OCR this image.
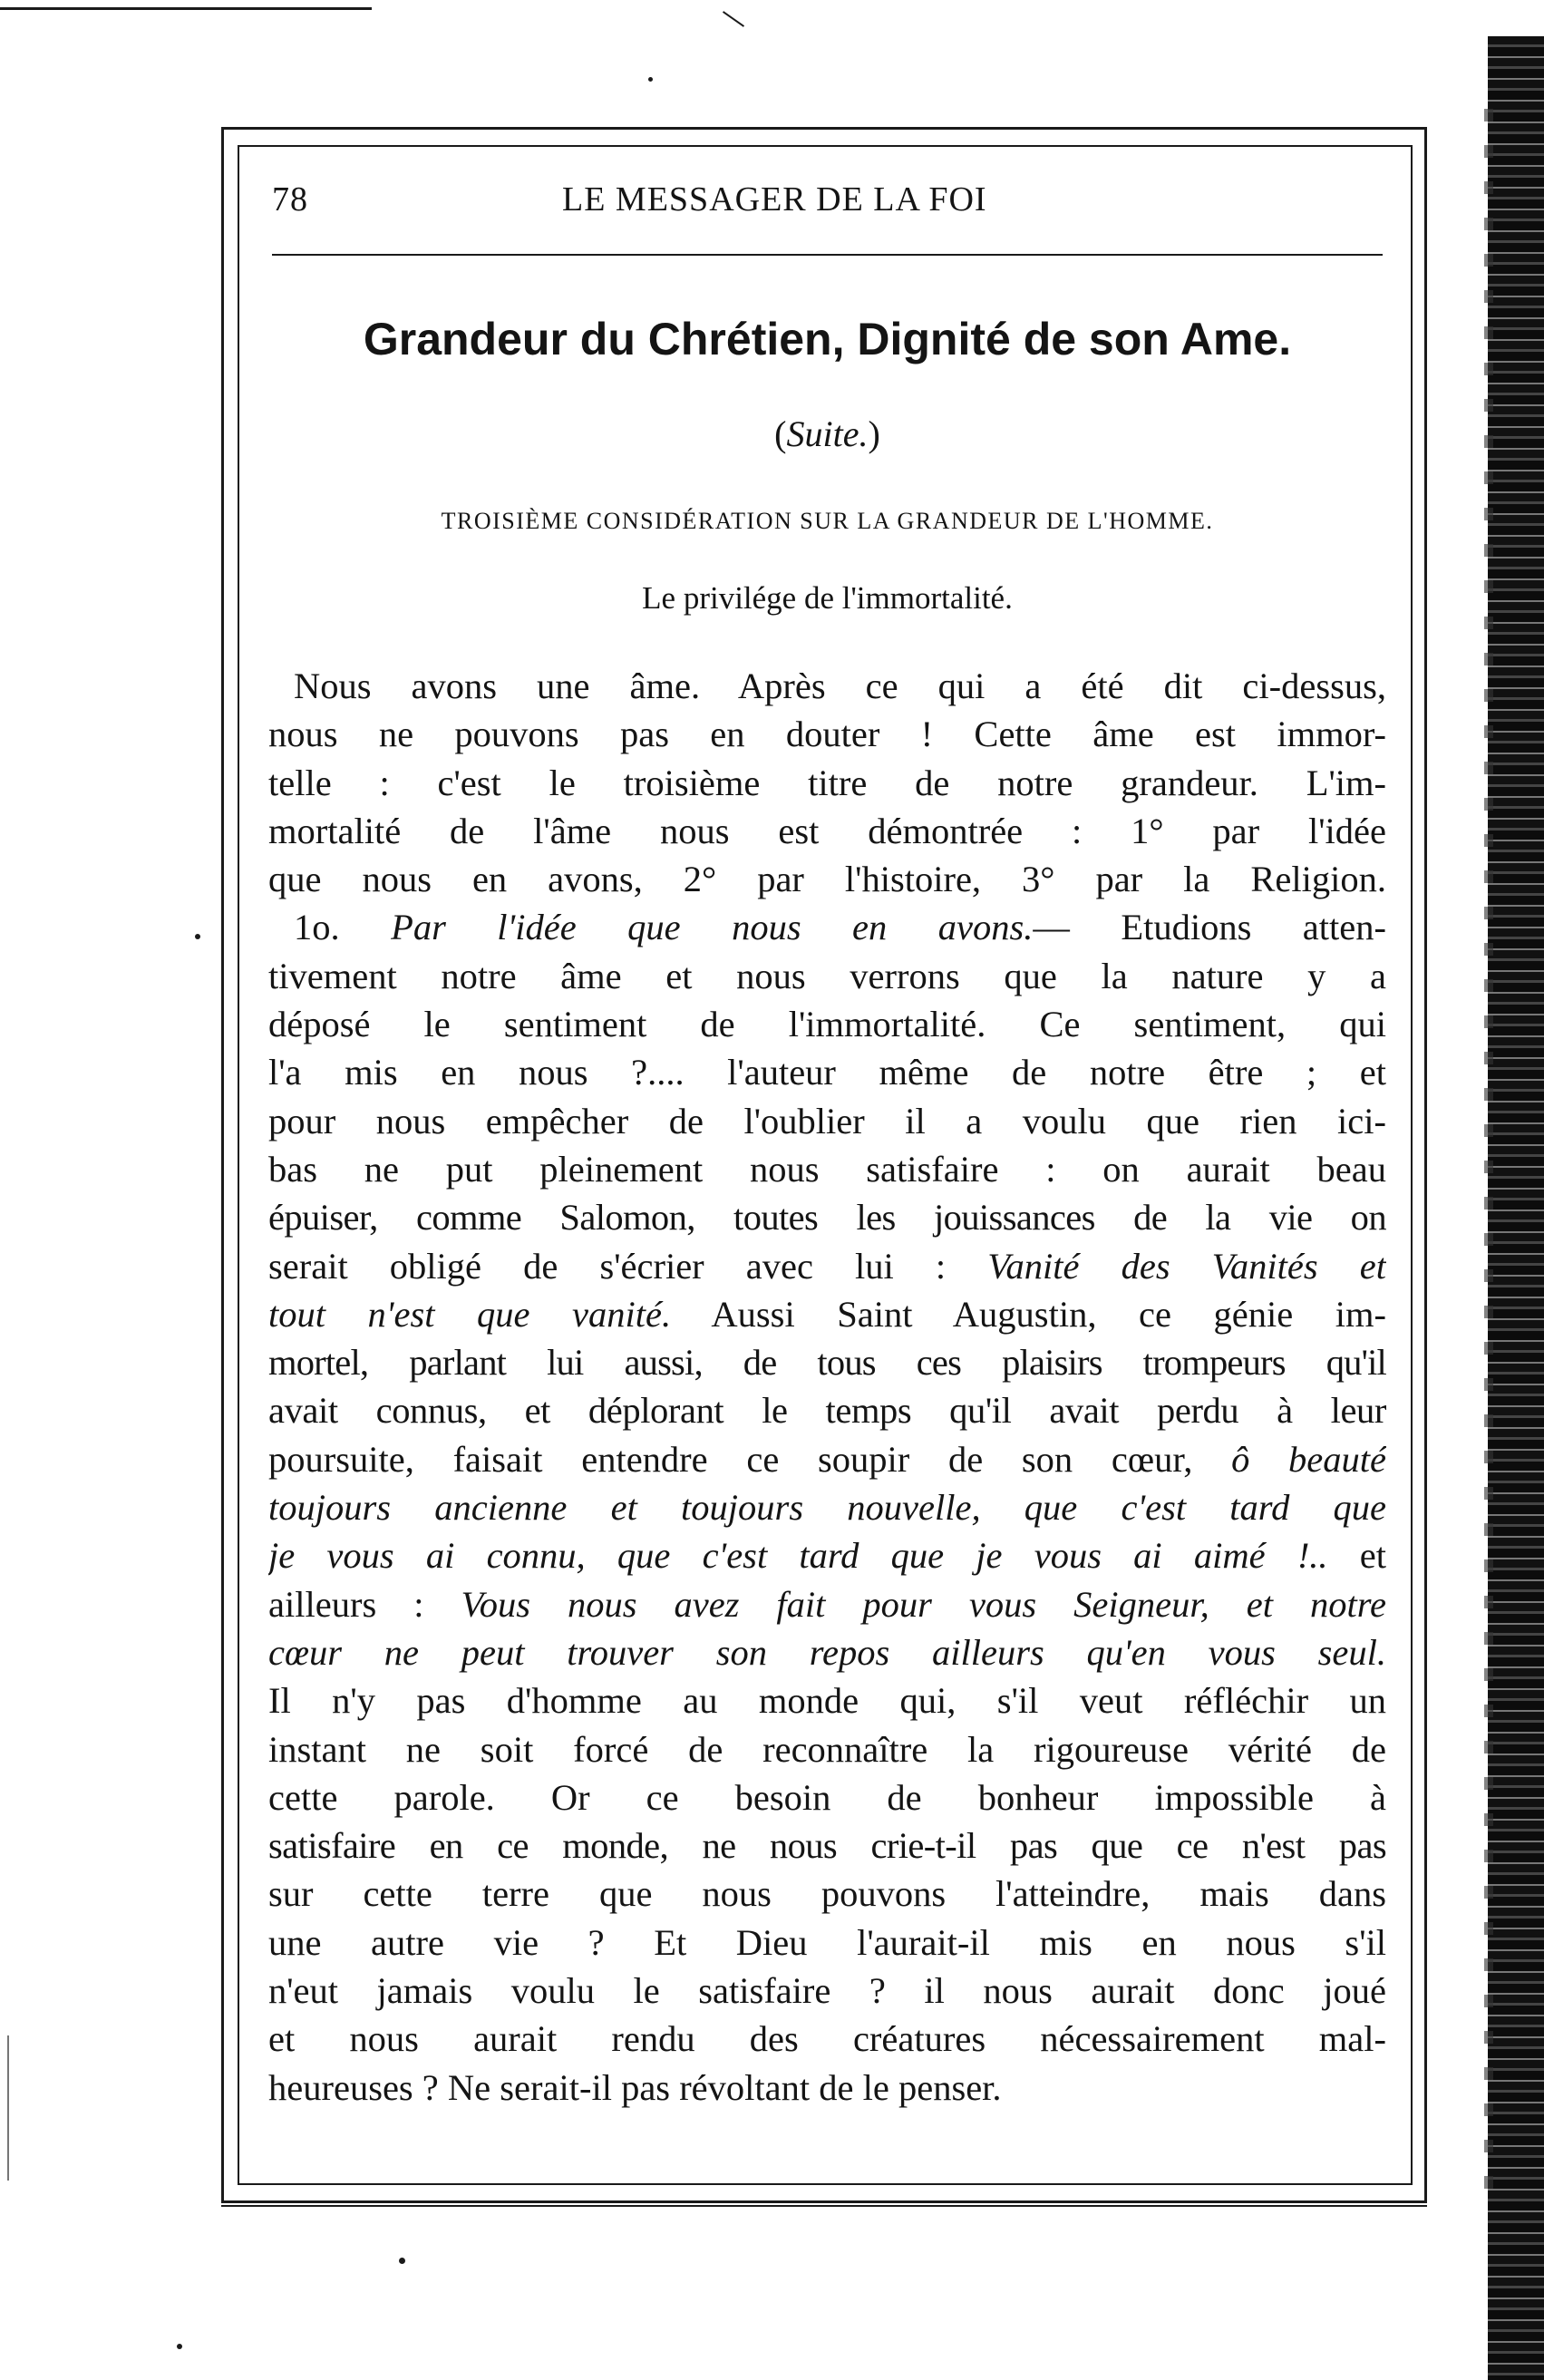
78	LE MESSAGER DE LA FOI
Grandeur du Chrétien, Dignité de son Ame.
(Suite.)
TROISIÈME CONSIDÉRATION SUR LA GRANDEUR DE L'HOMME.
Le privilége de l'immortalité.
Nous avons une âme. Après ce qui a été dit ci-dessus,
nous ne pouvons pas en douter ! Cette âme est immor-
telle : c'est le troisième titre de notre grandeur. L'im-
mortalité de l'âme nous est démontrée : 1° par l'idée
que nous en avons, 2° par l'histoire, 3° par la Religion.
1o. Par l'idée que nous en avons.— Etudions atten-
tivement notre âme et nous verrons que la nature y a
déposé le sentiment de l'immortalité. Ce sentiment, qui
l'a mis en nous ?.... l'auteur même de notre être ; et
pour nous empêcher de l'oublier il a voulu que rien ici-
bas ne put pleinement nous satisfaire : on aurait beau
épuiser, comme Salomon, toutes les jouissances de la vie on
serait obligé de s'écrier avec lui : Vanité des Vanités et
tout n'est que vanité. Aussi Saint Augustin, ce génie im-
mortel, parlant lui aussi, de tous ces plaisirs trompeurs qu'il
avait connus, et déplorant le temps qu'il avait perdu à leur
poursuite, faisait entendre ce soupir de son cœur, ô beauté
toujours ancienne et toujours nouvelle, que c'est tard que
je vous ai connu, que c'est tard que je vous ai aimé !.. et
ailleurs : Vous nous avez fait pour vous Seigneur, et notre
cœur ne peut trouver son repos ailleurs qu'en vous seul.
Il n'y pas d'homme au monde qui, s'il veut réfléchir un
instant ne soit forcé de reconnaître la rigoureuse vérité de
cette parole. Or ce besoin de bonheur impossible à
satisfaire en ce monde, ne nous crie-t-il pas que ce n'est pas
sur cette terre que nous pouvons l'atteindre, mais dans
une autre vie ? Et Dieu l'aurait-il mis en nous s'il
n'eut jamais voulu le satisfaire ? il nous aurait donc joué
et nous aurait rendu des créatures nécessairement mal-
heureuses ? Ne serait-il pas révoltant de le penser.
